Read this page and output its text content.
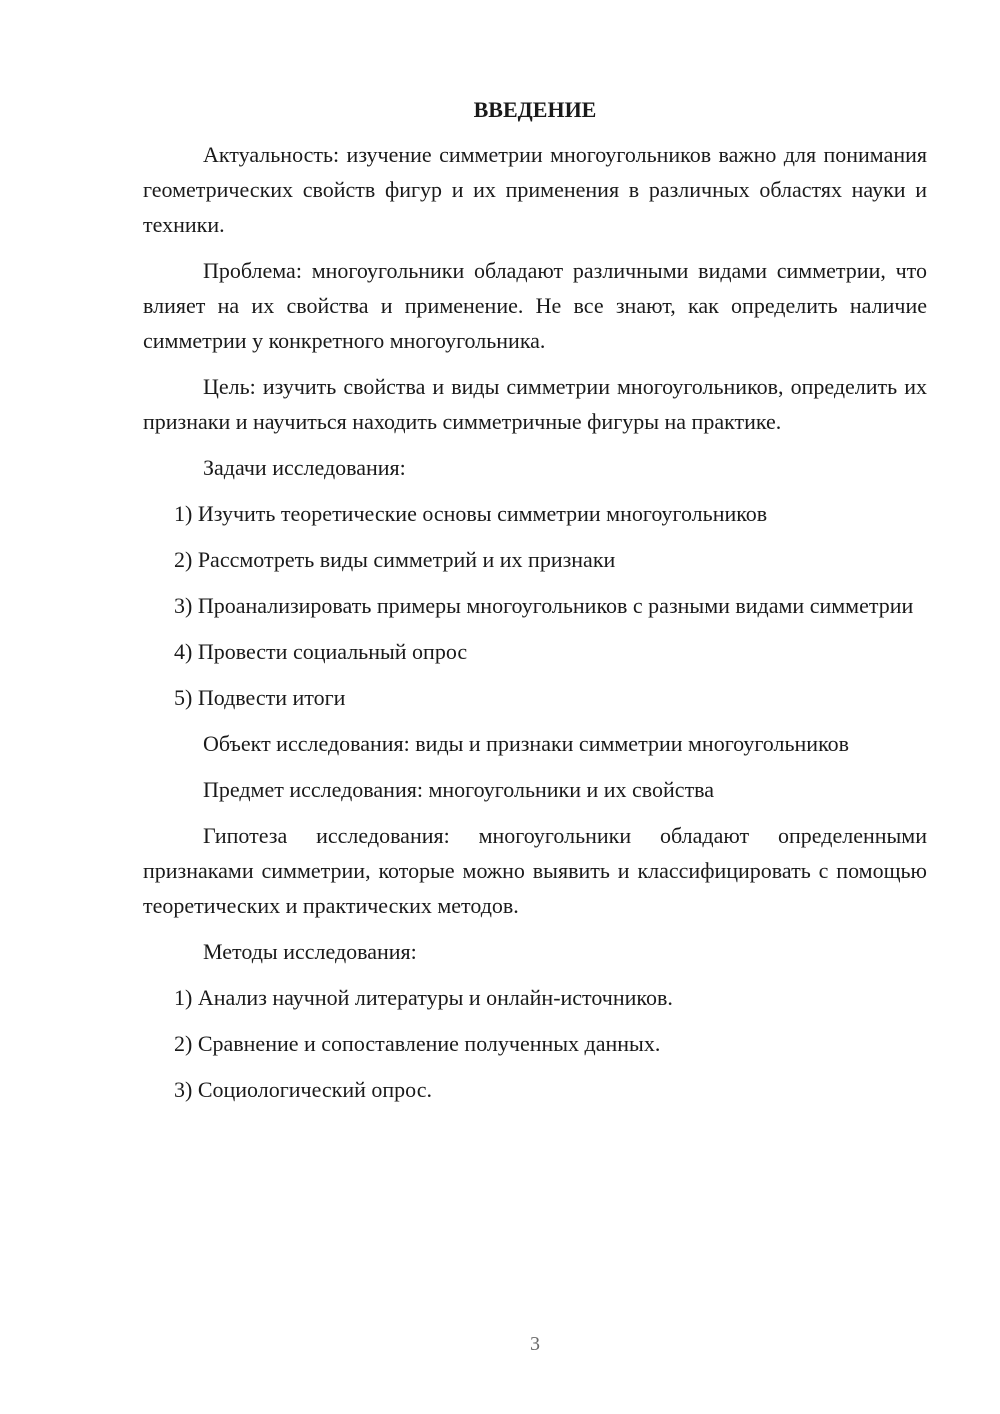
ВВЕДЕНИЕ

Актуальность: изучение симметрии многоугольников важно для понимания геометрических свойств фигур и их применения в различных областях науки и техники.

Проблема: многоугольники обладают различными видами симметрии, что влияет на их свойства и применение. Не все знают, как определить наличие симметрии у конкретного многоугольника.

Цель: изучить свойства и виды симметрии многоугольников, определить их признаки и научиться находить симметричные фигуры на практике.

Задачи исследования:

1) Изучить теоретические основы симметрии многоугольников

2) Рассмотреть виды симметрий и их признаки

3) Проанализировать примеры многоугольников с разными видами симметрии

4) Провести социальный опрос

5) Подвести итоги

Объект исследования: виды и признаки симметрии многоугольников

Предмет исследования: многоугольники и их свойства

Гипотеза исследования: многоугольники обладают определенными признаками симметрии, которые можно выявить и классифицировать с помощью теоретических и практических методов.

Методы исследования:

1) Анализ научной литературы и онлайн-источников.

2) Сравнение и сопоставление полученных данных.

3) Социологический опрос.

3
